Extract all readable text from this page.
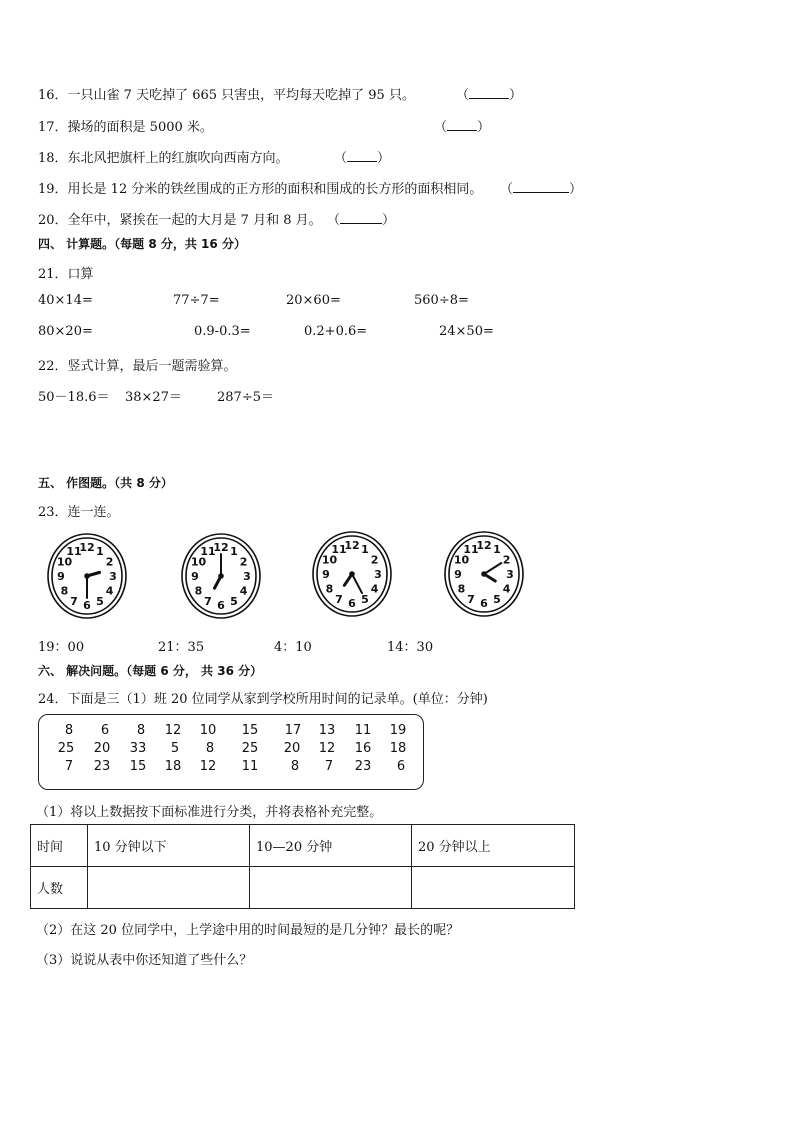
16．一只山雀 7 天吃掉了 665 只害虫，平均每天吃掉了 95 只。	（	）
17．操场的面积是 5000 米。	（ ）
18．东北风把旗杆上的红旗吹向西南方向。	（ ）
19．用长是 12 分米的铁丝围成的正方形的面积和围成的长方形的面积相同。 （	）
20．全年中，紧挨在一起的大月是 7 月和 8 月。 （	）
四、 计算题。（每题 8 分，共 16 分）
21．口算
40×14=	77÷7=	20×60=	560÷8=
80×20=	0.9-0.3=	0.2+0.6=	24×50=
22．竖式计算，最后一题需验算。
50－18.6＝ 38×27＝	287÷5＝
五、 作图题。（共 8 分）
23．连一连。
1
2
3
4
5
6
7
8
9
10
11
12	1
2
3
4
5
6
7
8
9
10
11
12	1
2
3
4
5
6
7
8
9
10
11
12	1
2
3
4
5
6
7
8
9
10
11
12
19：00	21：35	4：10	14：30
六、 解决问题。（每题 6 分， 共 36 分）
24．下面是三（1）班 20 位同学从家到学校所用时间的记录单。(单位：分钟)
8	6	8	12	10	15	17	13	11	19
25	20	33	5	8	25	20	12	16	18
7	23	15	18	12	11	8	7	23	6
（1）将以上数据按下面标准进行分类，并将表格补充完整。
时间	10 分钟以下	10—20 分钟	20 分钟以上
人数			
（2）在这 20 位同学中，上学途中用的时间最短的是几分钟？最长的呢？
（3）说说从表中你还知道了些什么？
